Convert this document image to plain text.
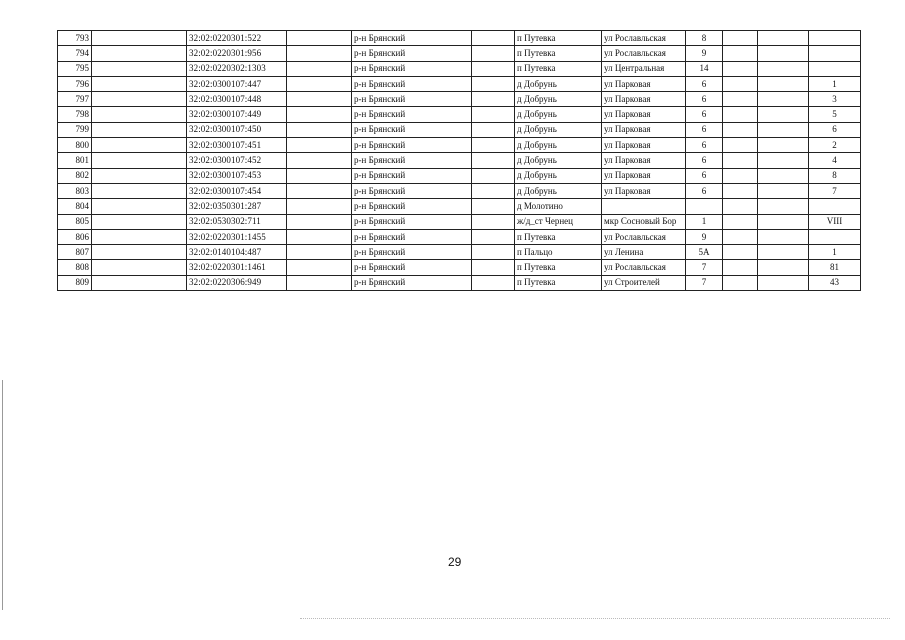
793		32:02:0220301:522		р-н Брянский		п Путевка	ул Рославльская	8			
794		32:02:0220301:956		р-н Брянский		п Путевка	ул Рославльская	9			
795		32:02:0220302:1303		р-н Брянский		п Путевка	ул Центральная	14			
796		32:02:0300107:447		р-н Брянский		д Добрунь	ул Парковая	6			1
797		32:02:0300107:448		р-н Брянский		д Добрунь	ул Парковая	6			3
798		32:02:0300107:449		р-н Брянский		д Добрунь	ул Парковая	6			5
799		32:02:0300107:450		р-н Брянский		д Добрунь	ул Парковая	6			6
800		32:02:0300107:451		р-н Брянский		д Добрунь	ул Парковая	6			2
801		32:02:0300107:452		р-н Брянский		д Добрунь	ул Парковая	6			4
802		32:02:0300107:453		р-н Брянский		д Добрунь	ул Парковая	6			8
803		32:02:0300107:454		р-н Брянский		д Добрунь	ул Парковая	6			7
804		32:02:0350301:287		р-н Брянский		д Молотино					
805		32:02:0530302:711		р-н Брянский		ж/д_ст Чернец	мкр Сосновый Бор	1			VIII
806		32:02:0220301:1455		р-н Брянский		п Путевка	ул Рославльская	9			
807		32:02:0140104:487		р-н Брянский		п Пальцо	ул Ленина	5А			1
808		32:02:0220301:1461		р-н Брянский		п Путевка	ул Рославльская	7			81
809		32:02:0220306:949		р-н Брянский		п Путевка	ул Строителей	7			43
29
